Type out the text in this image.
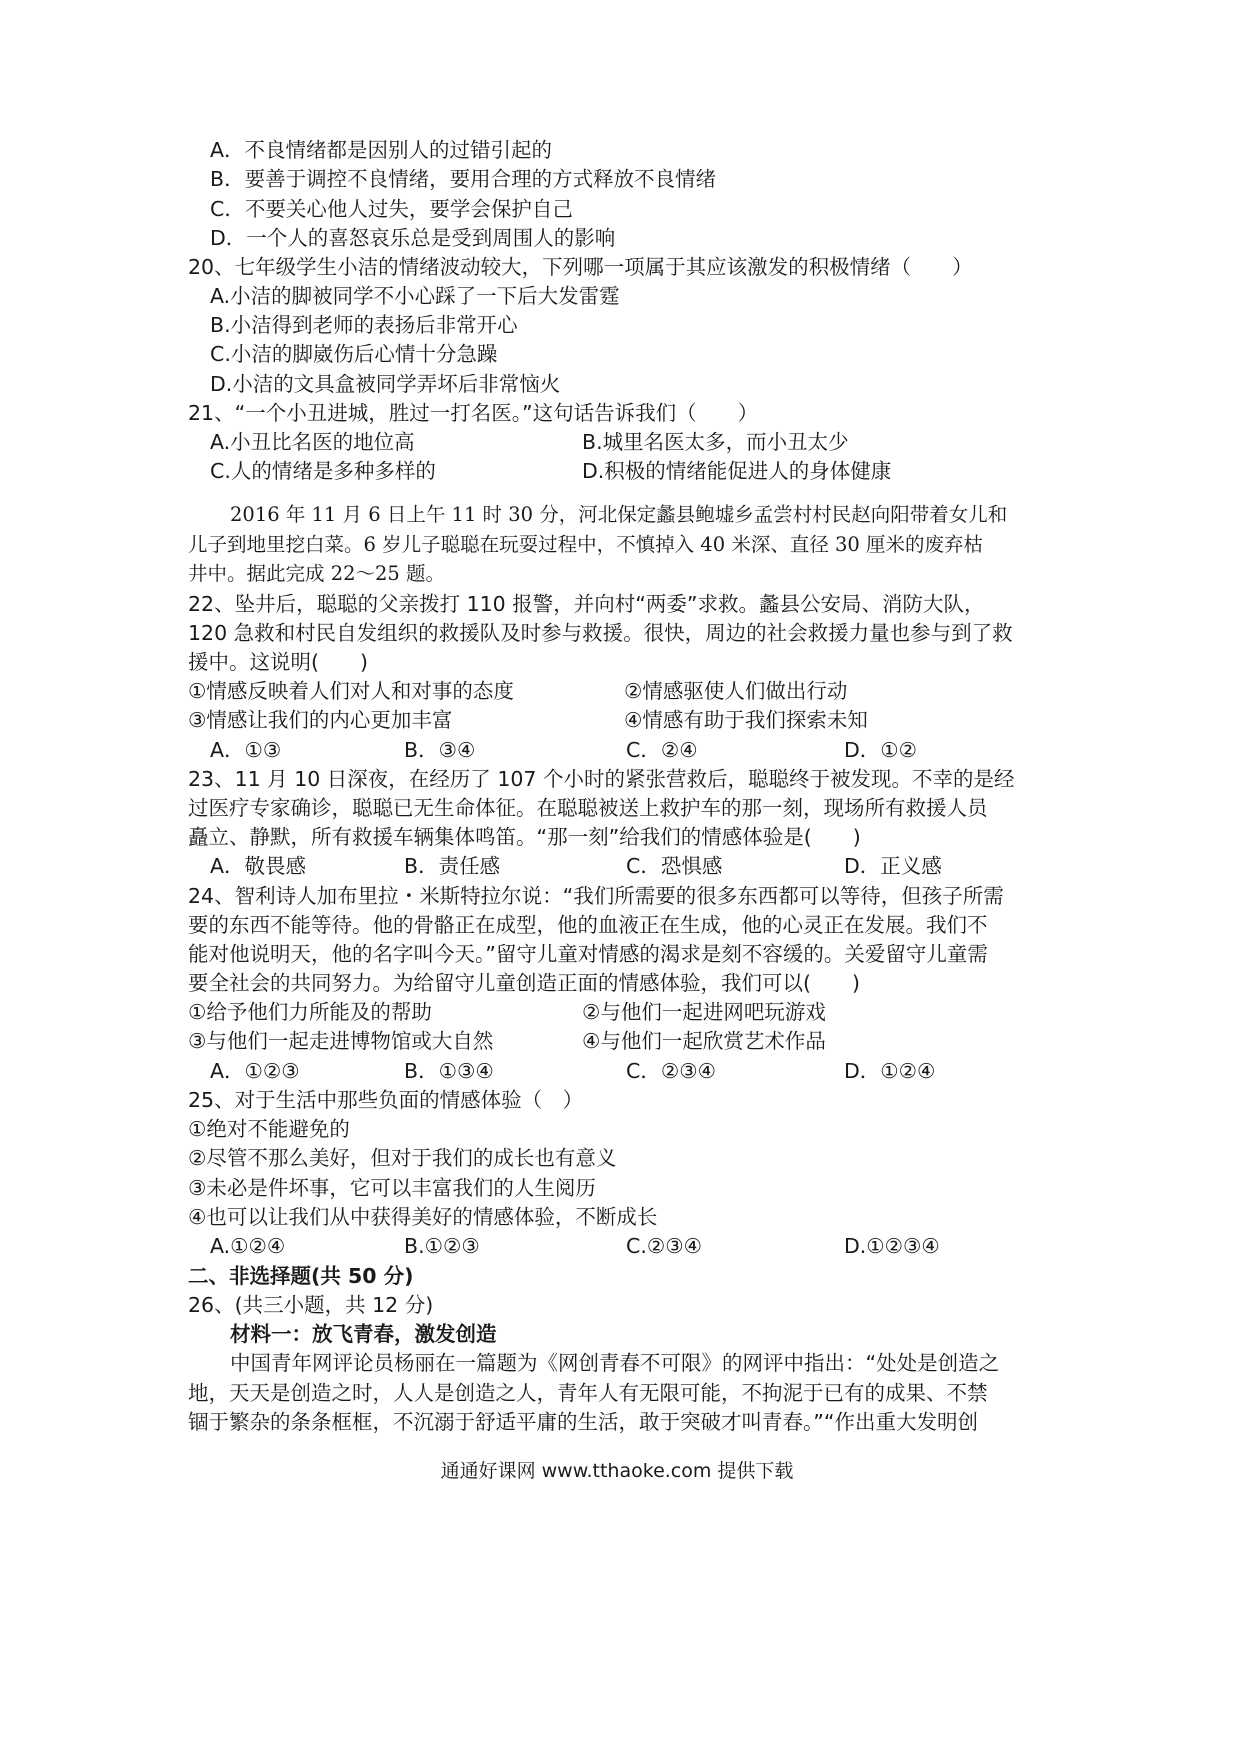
A．不良情绪都是因别人的过错引起的
B．要善于调控不良情绪，要用合理的方式释放不良情绪
C．不要关心他人过失，要学会保护自己
D．一个人的喜怒哀乐总是受到周围人的影响
20、七年级学生小洁的情绪波动较大，下列哪一项属于其应该激发的积极情绪（　　）
A.小洁的脚被同学不小心踩了一下后大发雷霆
B.小洁得到老师的表扬后非常开心
C.小洁的脚崴伤后心情十分急躁
D.小洁的文具盒被同学弄坏后非常恼火
21、“一个小丑进城，胜过一打名医。”这句话告诉我们（　　）
A.小丑比名医的地位高	B.城里名医太多，而小丑太少
C.人的情绪是多种多样的	D.积极的情绪能促进人的身体健康
2016 年 11 月 6 日上午 11 时 30 分，河北保定蠡县鲍墟乡孟尝村村民赵向阳带着女儿和
儿子到地里挖白菜。6 岁儿子聪聪在玩耍过程中，不慎掉入 40 米深、直径 30 厘米的废弃枯
井中。据此完成 22～25 题。
22、坠井后，聪聪的父亲拨打 110 报警，并向村“两委”求救。蠡县公安局、消防大队，
120 急救和村民自发组织的救援队及时参与救援。很快，周边的社会救援力量也参与到了救
援中。这说明(　　)
①情感反映着人们对人和对事的态度	②情感驱使人们做出行动
③情感让我们的内心更加丰富	④情感有助于我们探索未知
A．①③	B．③④	C．②④	D．①②
23、11 月 10 日深夜，在经历了 107 个小时的紧张营救后，聪聪终于被发现。不幸的是经
过医疗专家确诊，聪聪已无生命体征。在聪聪被送上救护车的那一刻，现场所有救援人员
矗立、静默，所有救援车辆集体鸣笛。“那一刻”给我们的情感体验是(　　)
A．敬畏感	B．责任感	C．恐惧感	D．正义感
24、智利诗人加布里拉・米斯特拉尔说：“我们所需要的很多东西都可以等待，但孩子所需
要的东西不能等待。他的骨骼正在成型，他的血液正在生成，他的心灵正在发展。我们不
能对他说明天，他的名字叫今天。”留守儿童对情感的渴求是刻不容缓的。关爱留守儿童需
要全社会的共同努力。为给留守儿童创造正面的情感体验，我们可以(　　)
①给予他们力所能及的帮助	②与他们一起进网吧玩游戏
③与他们一起走进博物馆或大自然	④与他们一起欣赏艺术作品
A．①②③	B．①③④	C．②③④	D．①②④
25、对于生活中那些负面的情感体验（　）
①绝对不能避免的
②尽管不那么美好，但对于我们的成长也有意义
③未必是件坏事，它可以丰富我们的人生阅历
④也可以让我们从中获得美好的情感体验，不断成长
A.①②④	B.①②③	C.②③④	D.①②③④
二、非选择题(共 50 分)
26、(共三小题，共 12 分)
材料一：放飞青春，激发创造
中国青年网评论员杨丽在一篇题为《网创青春不可限》的网评中指出：“处处是创造之
地，天天是创造之时，人人是创造之人，青年人有无限可能，不拘泥于已有的成果、不禁
锢于繁杂的条条框框，不沉溺于舒适平庸的生活，敢于突破才叫青春。”“作出重大发明创
通通好课网 www.tthaoke.com 提供下载
